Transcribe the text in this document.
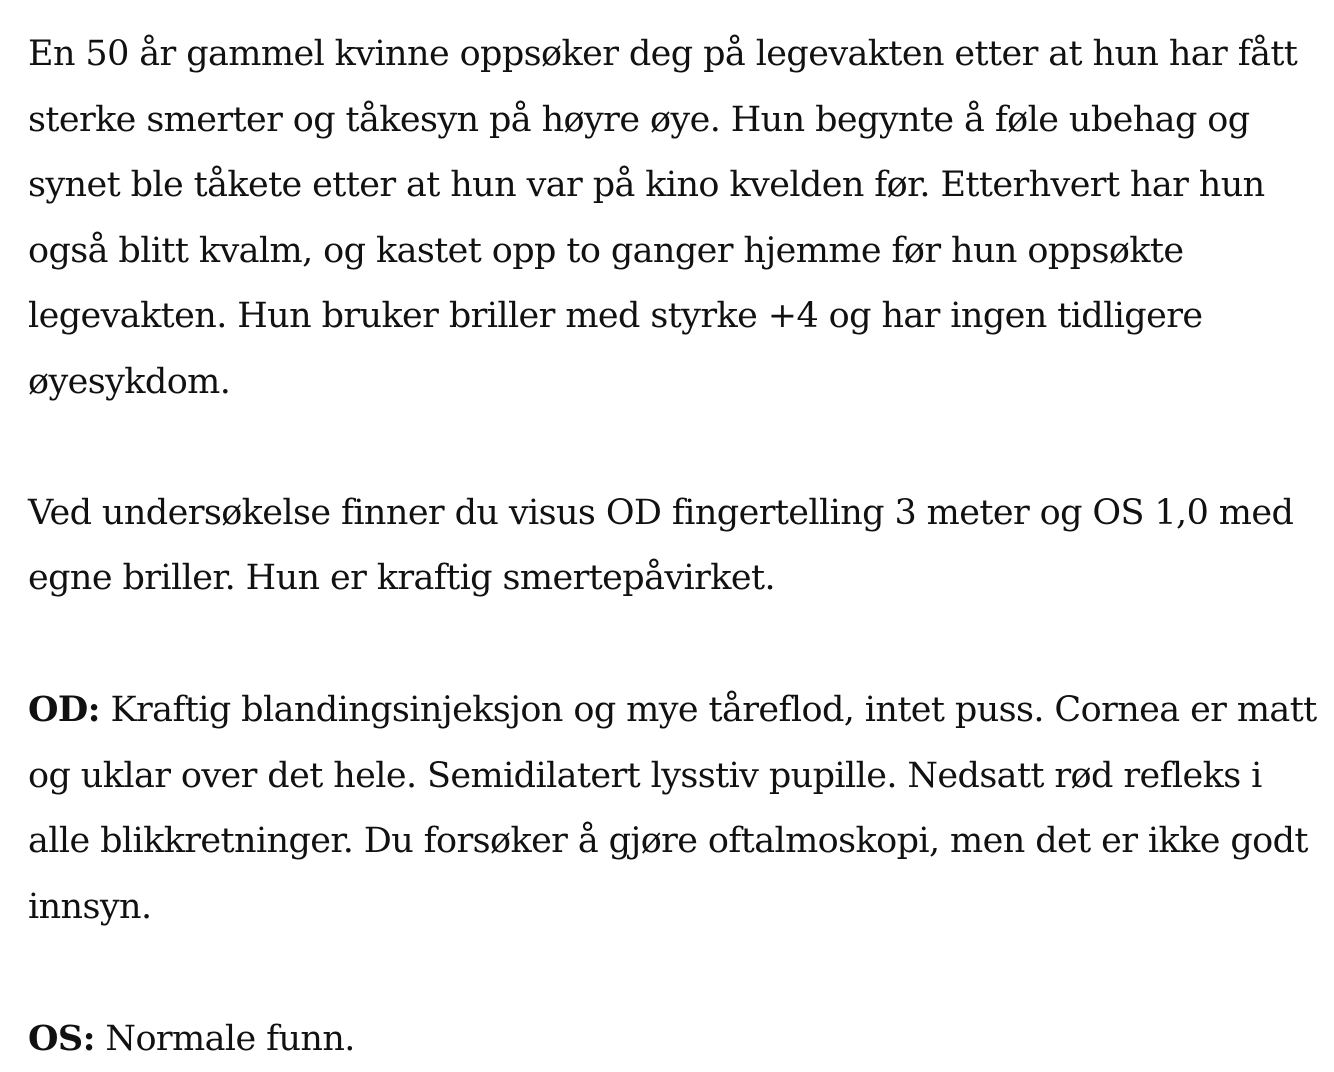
En 50 år gammel kvinne oppsøker deg på legevakten etter at hun har fått sterke smerter og tåkesyn på høyre øye. Hun begynte å føle ubehag og synet ble tåkete etter at hun var på kino kvelden før. Etterhvert har hun også blitt kvalm, og kastet opp to ganger hjemme før hun oppsøkte legevakten. Hun bruker briller med styrke +4 og har ingen tidligere øyesykdom.

Ved undersøkelse finner du visus OD fingertelling 3 meter og OS 1,0 med egne briller. Hun er kraftig smertepåvirket.

OD: Kraftig blandingsinjeksjon og mye tåreflod, intet puss. Cornea er matt og uklar over det hele. Semidilatert lysstiv pupille. Nedsatt rød refleks i alle blikkretninger. Du forsøker å gjøre oftalmoskopi, men det er ikke godt innsyn.

OS: Normale funn.
